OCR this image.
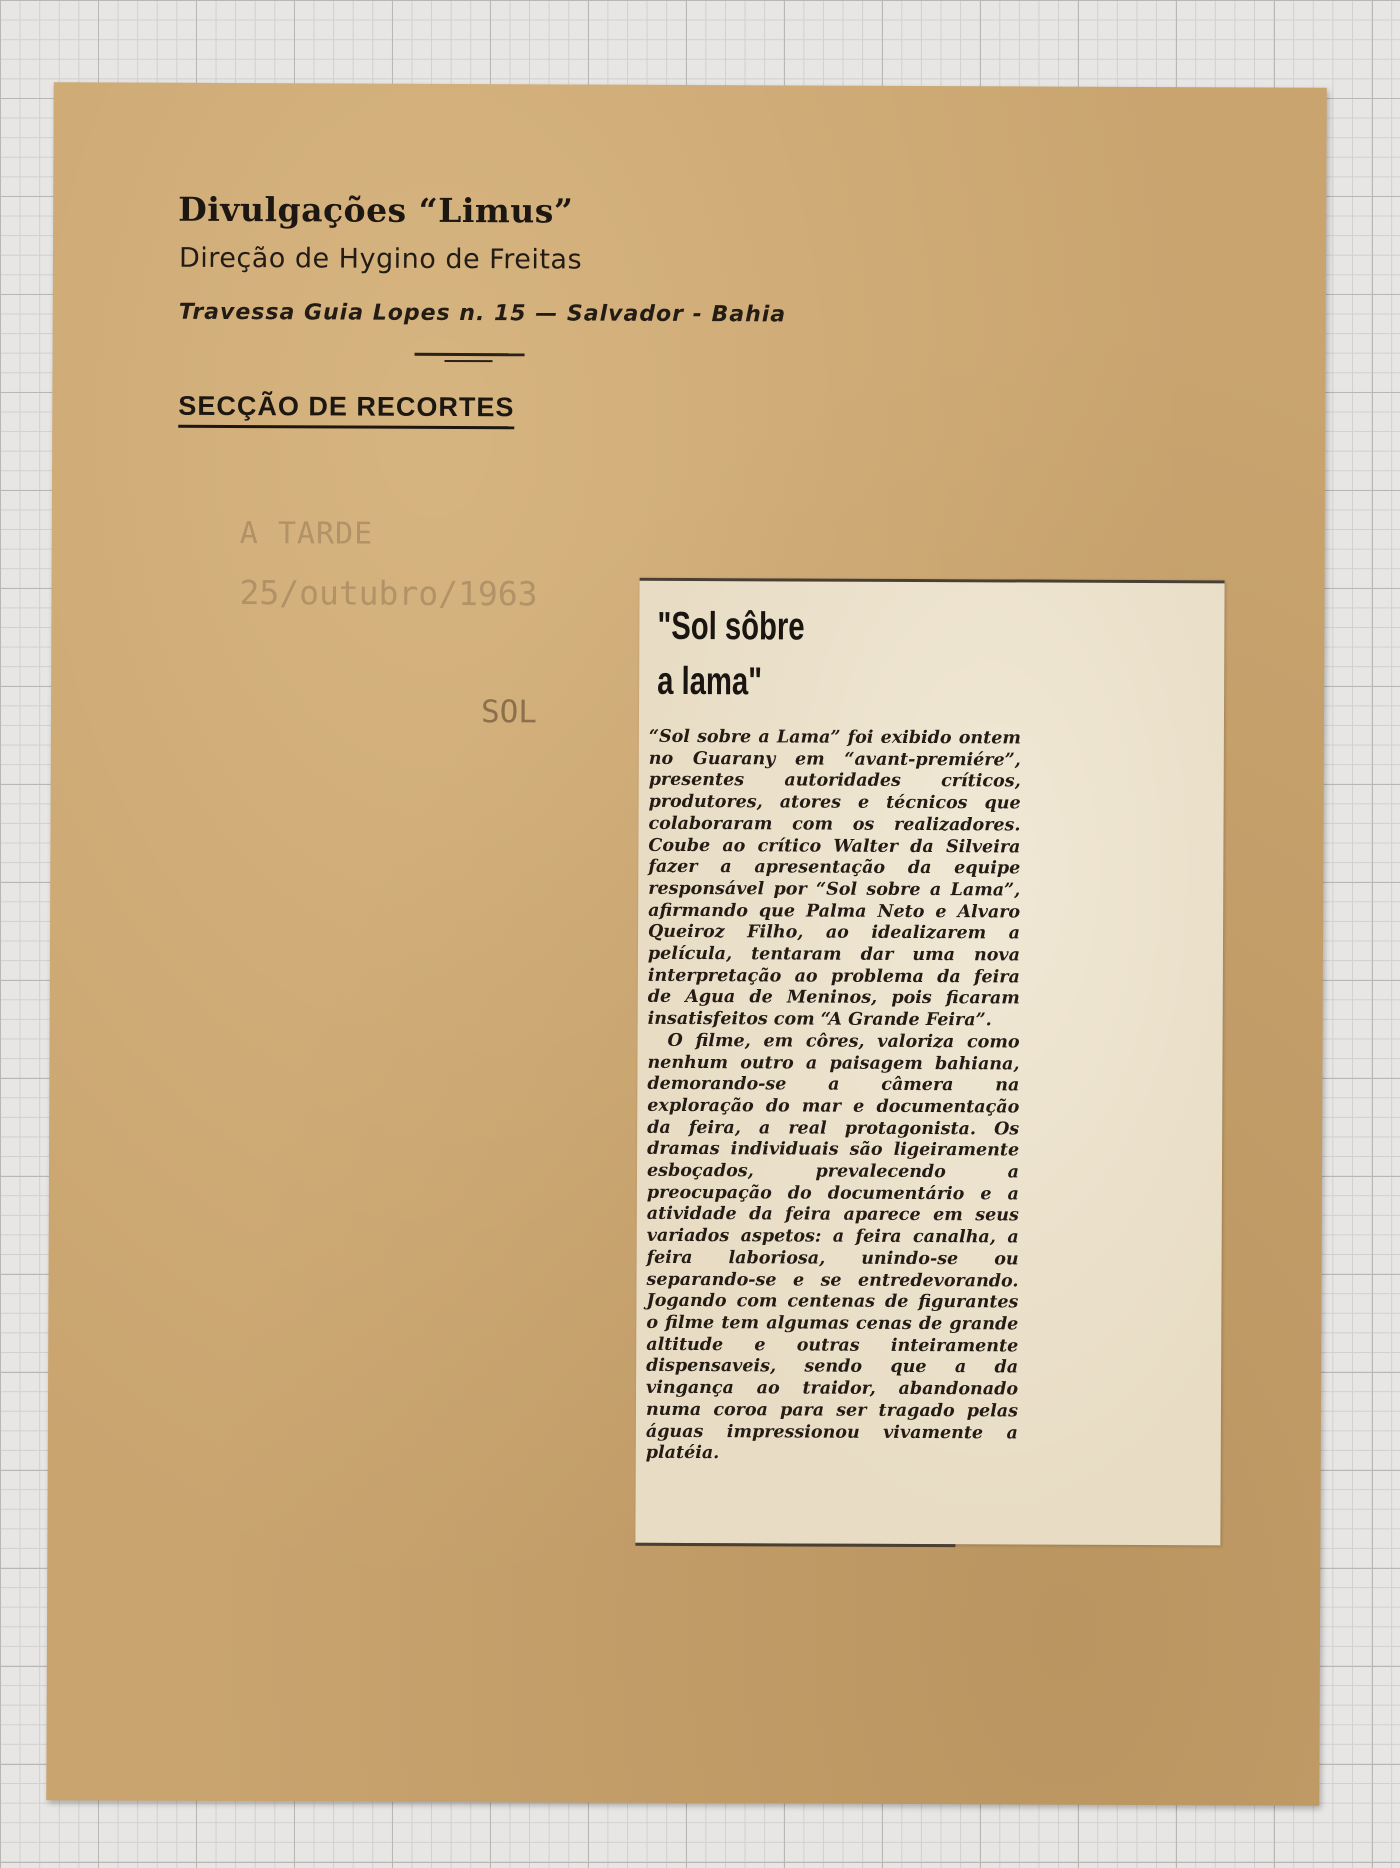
Divulgações “Limus”
Direção de Hygino de Freitas
Travessa Guia Lopes n. 15 — Salvador - Bahia
SECÇÃO DE RECORTES
A TARDE
25/outubro/1963
SOL
"Sol sôbre
a lama"

“Sol sobre a Lama” foi exibido ontem no Guarany em “avant-premiére”, presentes autoridades críticos, produtores, atores e técnicos que colaboraram com os realizadores. Coube ao crítico Walter da Silveira fazer a apresentação da equipe responsável por “Sol sobre a Lama”, afirmando que Palma Neto e Alvaro Queiroz Filho, ao idealizarem a película, tentaram dar uma nova interpretação ao problema da feira de Agua de Meninos, pois ficaram insatisfeitos com “A Grande Feira”.

O filme, em côres, valoriza como nenhum outro a paisagem bahiana, demorando-se a câmera na exploração do mar e documentação da feira, a real protagonista. Os dramas individuais são ligeiramente esboçados, prevalecendo a preocupação do documentário e a atividade da feira aparece em seus variados aspetos: a feira canalha, a feira laboriosa, unindo-se ou separando-se e se entredevorando. Jogando com centenas de figurantes o filme tem algumas cenas de grande altitude e outras inteiramente dispensaveis, sendo que a da vingança ao traidor, abandonado numa coroa para ser tragado pelas águas impressionou vivamente a platéia.
